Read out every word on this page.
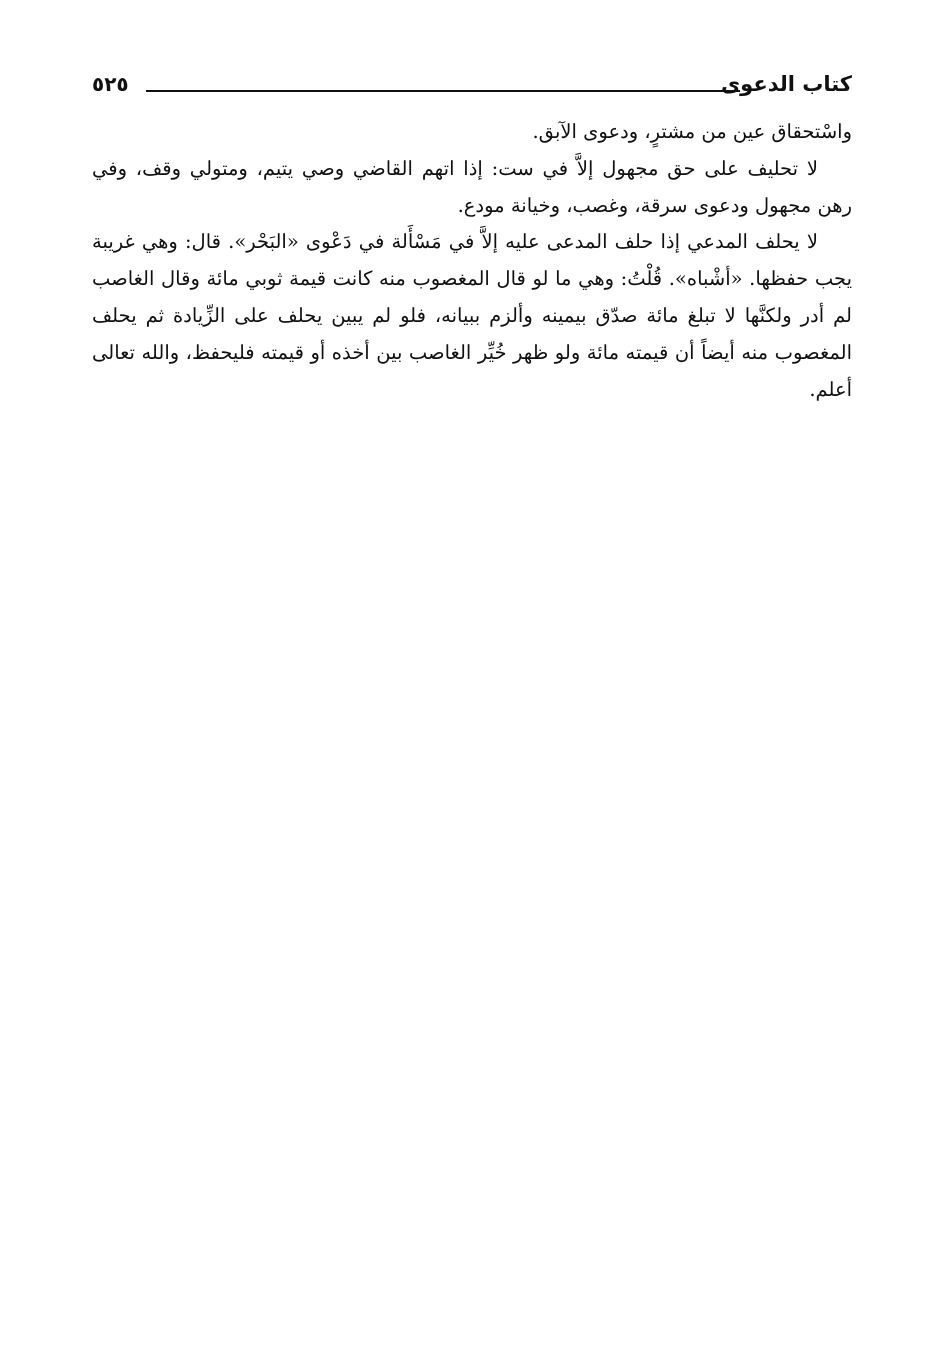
كتاب الدعوى
٥٢٥

واسْتحقاق عين من مشترٍ، ودعوى الآبق.

لا تحليف على حق مجهول إلاَّ في ست: إذا اتهم القاضي وصي يتيم، ومتولي وقف، وفي رهن مجهول ودعوى سرقة، وغصب، وخيانة مودع.

لا يحلف المدعي إذا حلف المدعى عليه إلاَّ في مَسْأَلة في دَعْوى «البَحْر». قال: وهي غريبة يجب حفظها. «أشْباه». قُلْتُ: وهي ما لو قال المغصوب منه كانت قيمة ثوبي مائة وقال الغاصب لم أدر ولكنَّها لا تبلغ مائة صدّق بيمينه وألزم ببيانه، فلو لم يبين يحلف على الزِّيادة ثم يحلف المغصوب منه أيضاً أن قيمته مائة ولو ظهر خُيِّر الغاصب بين أخذه أو قيمته فليحفظ، والله تعالى أعلم.
